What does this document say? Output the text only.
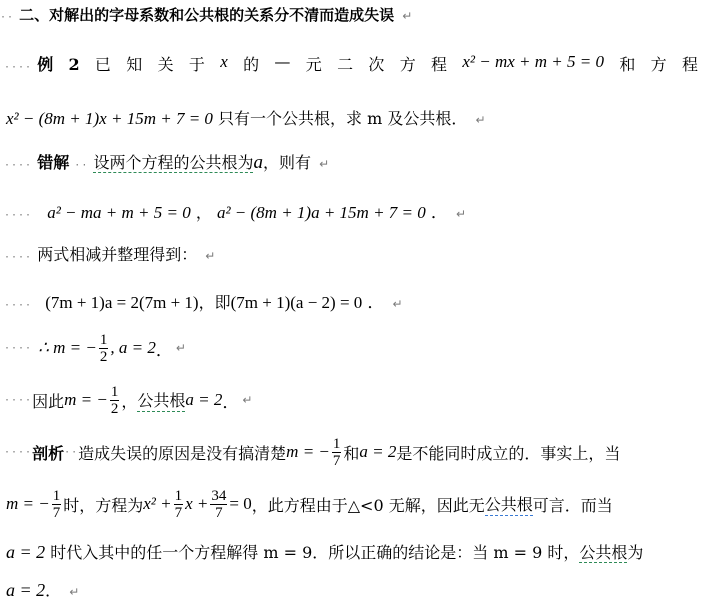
·· 二、对解出的字母系数和公共根的关系分不清而造成失误 ↵
···· 例 2 已 知 关 于 x 的 — 元 二 次 方 程 x² − mx + m + 5 = 0 和 方 程
x² − (8m + 1)x + 15m + 7 = 0 只有一个公共根，求 m 及公共根． ↵
···· 错解 ·· 设两个方程的公共根为a，则有 ↵
···· a² − ma + m + 5 = 0 ， a² − (8m + 1)a + 15m + 7 = 0 ． ↵
···· 两式相减并整理得到： ↵
···· (7m + 1)a = 2(7m + 1)，即(7m + 1)(a − 2) = 0 ． ↵
···· ∴ m = − $\frac{1}{2}$ , a = 2 ． ↵
···· 因此 m = − $\frac{1}{2}$ ， 公共根 a = 2 ． ↵
···· 剖析 ·· 造成失误的原因是没有搞清楚 m = − $\frac{1}{7}$ 和 a = 2 是不能同时成立的．事实上，当
m = − $\frac{1}{7}$ 时，方程为 $x^2 + \frac{1}{7}$ $x + \frac{34}{7} = 0$ ，此方程由于△<0 无解，因此无 公共根 可言．而当
a = 2 时代入其中的任一个方程解得 m = 9．所以正确的结论是：当 m = 9 时，公共根为
a = 2． ↵
